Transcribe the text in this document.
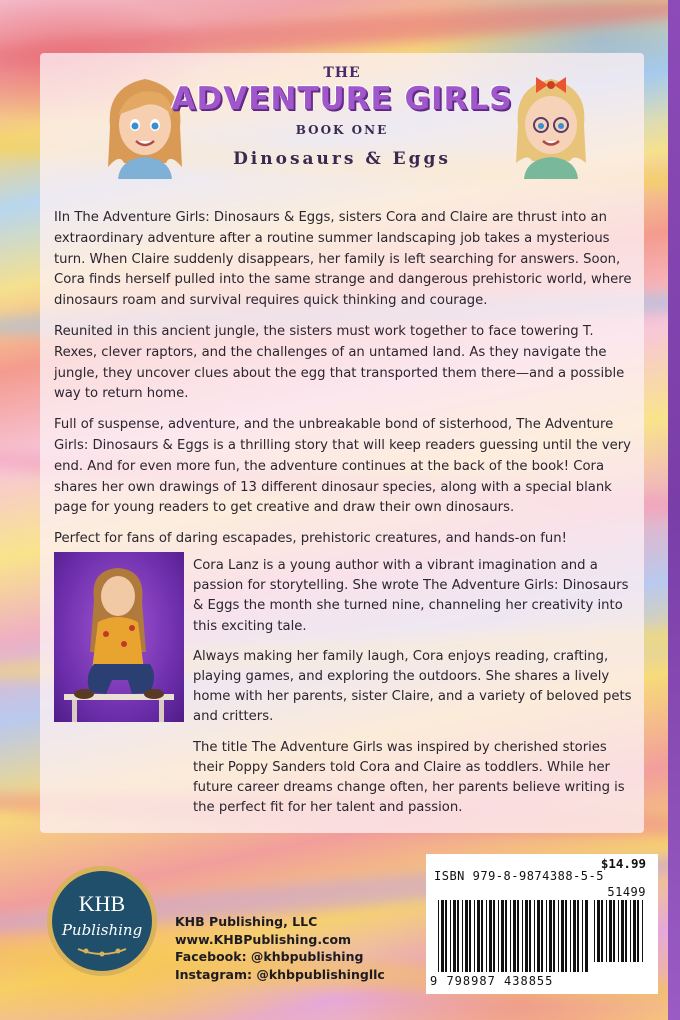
THE
ADVENTURE GIRLS
BOOK ONE
Dinosaurs & Eggs

IIn The Adventure Girls: Dinosaurs & Eggs, sisters Cora and Claire are thrust into an extraordinary adventure after a routine summer landscaping job takes a mysterious turn. When Claire suddenly disappears, her family is left searching for answers. Soon, Cora finds herself pulled into the same strange and dangerous prehistoric world, where dinosaurs roam and survival requires quick thinking and courage.

Reunited in this ancient jungle, the sisters must work together to face towering T. Rexes, clever raptors, and the challenges of an untamed land. As they navigate the jungle, they uncover clues about the egg that transported them there—and a possible way to return home.

Full of suspense, adventure, and the unbreakable bond of sisterhood, The Adventure Girls: Dinosaurs & Eggs is a thrilling story that will keep readers guessing until the very end. And for even more fun, the adventure continues at the back of the book! Cora shares her own drawings of 13 different dinosaur species, along with a special blank page for young readers to get creative and draw their own dinosaurs.

Perfect for fans of daring escapades, prehistoric creatures, and hands-on fun!

Cora Lanz is a young author with a vibrant imagination and a passion for storytelling. She wrote The Adventure Girls: Dinosaurs & Eggs the month she turned nine, channeling her creativity into this exciting tale.

Always making her family laugh, Cora enjoys reading, crafting, playing games, and exploring the outdoors. She shares a lively home with her parents, sister Claire, and a variety of beloved pets and critters.

The title The Adventure Girls was inspired by cherished stories their Poppy Sanders told Cora and Claire as toddlers. While her future career dreams change often, her parents believe writing is the perfect fit for her talent and passion.

KHB
Publishing	KHB Publishing, LLC
www.KHBPublishing.com
Facebook: @khbpublishing
Instagram: @khbpublishingllc
$14.99
ISBN 979-8-9874388-5-5
51499
9 798987 438855
